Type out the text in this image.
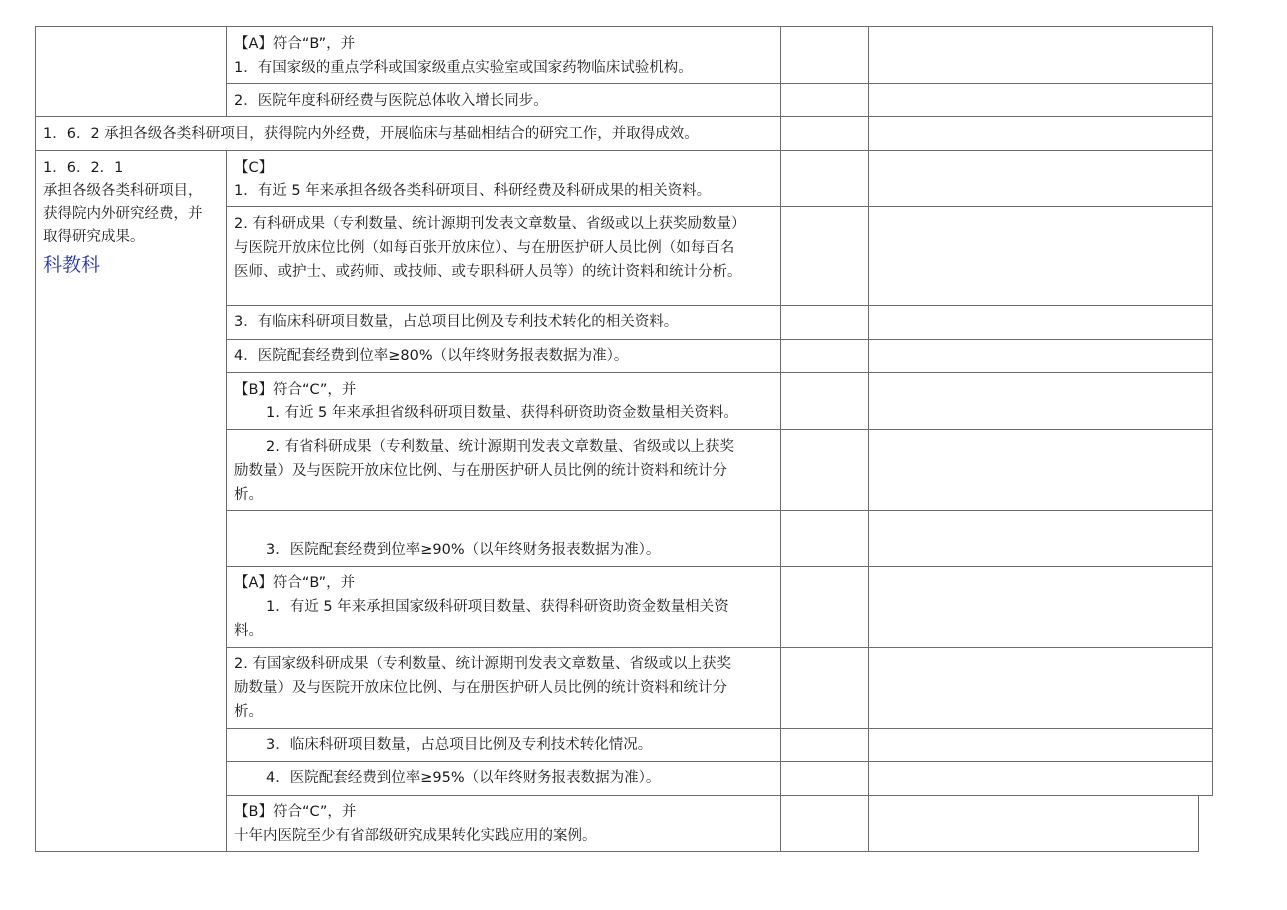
【A】符合“B”，并
1．有国家级的重点学科或国家级重点实验室或国家药物临床试验机构。
2．医院年度科研经费与医院总体收入增长同步。
1．6．2 承担各级各类科研项目，获得院内外经费，开展临床与基础相结合的研究工作，并取得成效。
1．6．2．1
承担各级各类科研项目，
获得院内外研究经费，并
取得研究成果。
科教科
【C】
1．有近 5 年来承担各级各类科研项目、科研经费及科研成果的相关资料。
2. 有科研成果（专利数量、统计源期刊发表文章数量、省级或以上获奖励数量）
与医院开放床位比例（如每百张开放床位）、与在册医护研人员比例（如每百名
医师、或护士、或药师、或技师、或专职科研人员等）的统计资料和统计分析。
3．有临床科研项目数量，占总项目比例及专利技术转化的相关资料。
4．医院配套经费到位率≥80%（以年终财务报表数据为准）。
【B】符合“C”，并
1. 有近 5 年来承担省级科研项目数量、获得科研资助资金数量相关资料。
2. 有省科研成果（专利数量、统计源期刊发表文章数量、省级或以上获奖
励数量）及与医院开放床位比例、与在册医护研人员比例的统计资料和统计分
析。
3．医院配套经费到位率≥90%（以年终财务报表数据为准）。
【A】符合“B”，并
1．有近 5 年来承担国家级科研项目数量、获得科研资助资金数量相关资
料。
2. 有国家级科研成果（专利数量、统计源期刊发表文章数量、省级或以上获奖
励数量）及与医院开放床位比例、与在册医护研人员比例的统计资料和统计分
析。
3．临床科研项目数量，占总项目比例及专利技术转化情况。
4．医院配套经费到位率≥95%（以年终财务报表数据为准）。
【B】符合“C”，并
十年内医院至少有省部级研究成果转化实践应用的案例。
